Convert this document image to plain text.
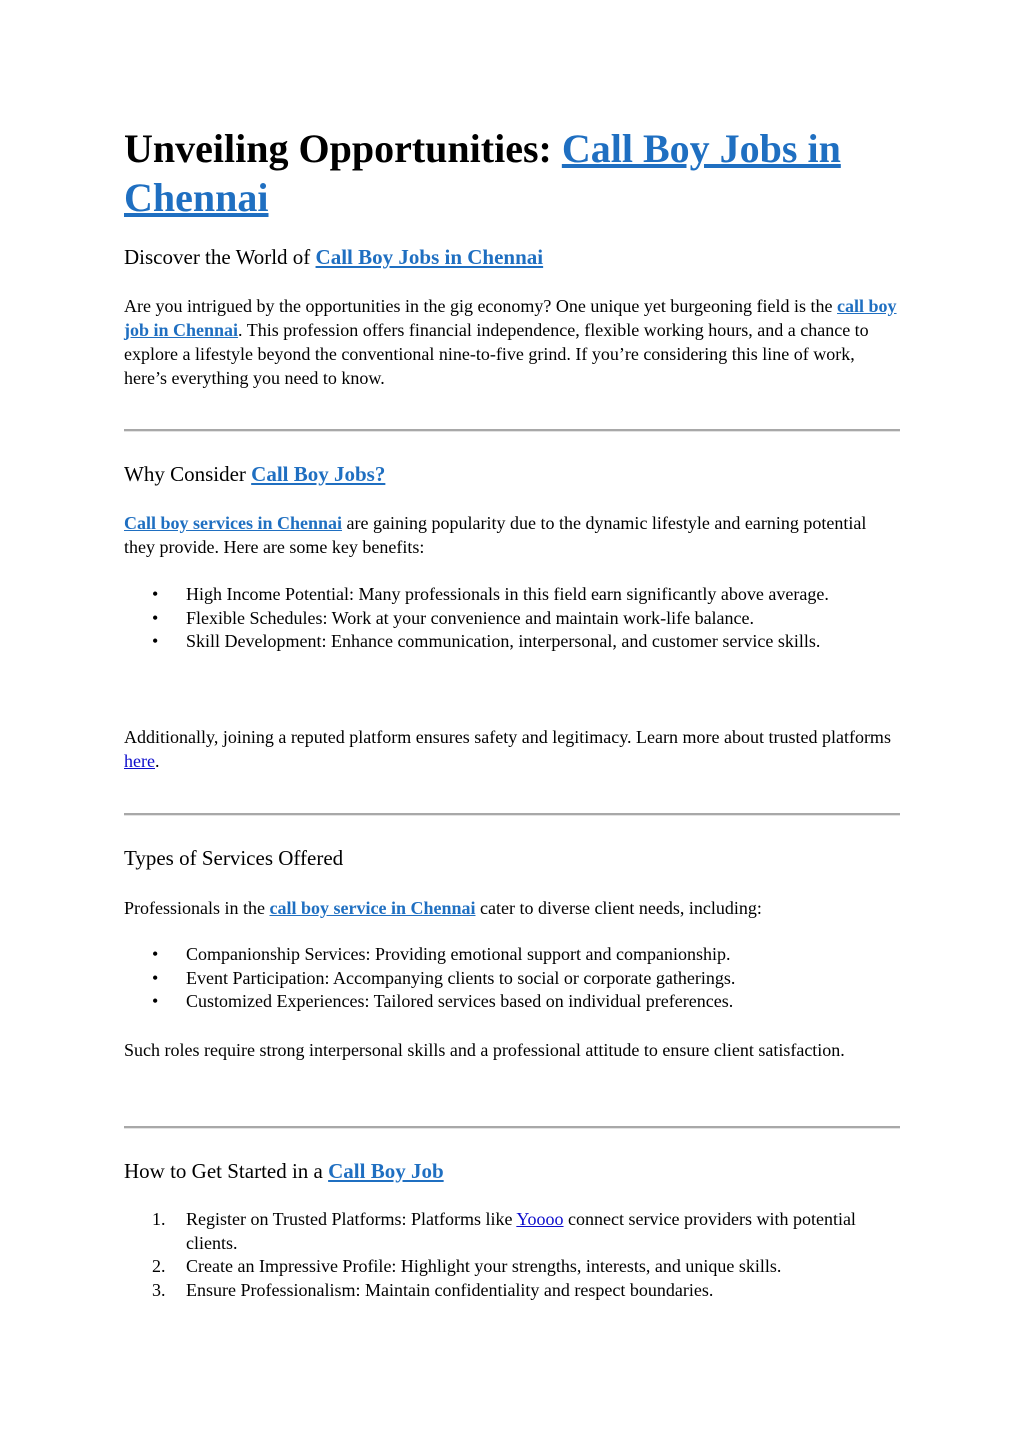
Unveiling Opportunities: Call Boy Jobs in Chennai
Discover the World of Call Boy Jobs in Chennai

Are you intrigued by the opportunities in the gig economy? One unique yet burgeoning field is the call boy job in Chennai. This profession offers financial independence, flexible working hours, and a chance to explore a lifestyle beyond the conventional nine-to-five grind. If you’re considering this line of work, here’s everything you need to know.

Why Consider Call Boy Jobs?

Call boy services in Chennai are gaining popularity due to the dynamic lifestyle and earning potential they provide. Here are some key benefits:

• High Income Potential: Many professionals in this field earn significantly above average.
• Flexible Schedules: Work at your convenience and maintain work-life balance.
• Skill Development: Enhance communication, interpersonal, and customer service skills.

Additionally, joining a reputed platform ensures safety and legitimacy. Learn more about trusted platforms here.

Types of Services Offered

Professionals in the call boy service in Chennai cater to diverse client needs, including:

• Companionship Services: Providing emotional support and companionship.
• Event Participation: Accompanying clients to social or corporate gatherings.
• Customized Experiences: Tailored services based on individual preferences.

Such roles require strong interpersonal skills and a professional attitude to ensure client satisfaction.

How to Get Started in a Call Boy Job
1. Register on Trusted Platforms: Platforms like Yoooo connect service providers with potential clients.
2. Create an Impressive Profile: Highlight your strengths, interests, and unique skills.
3. Ensure Professionalism: Maintain confidentiality and respect boundaries.
